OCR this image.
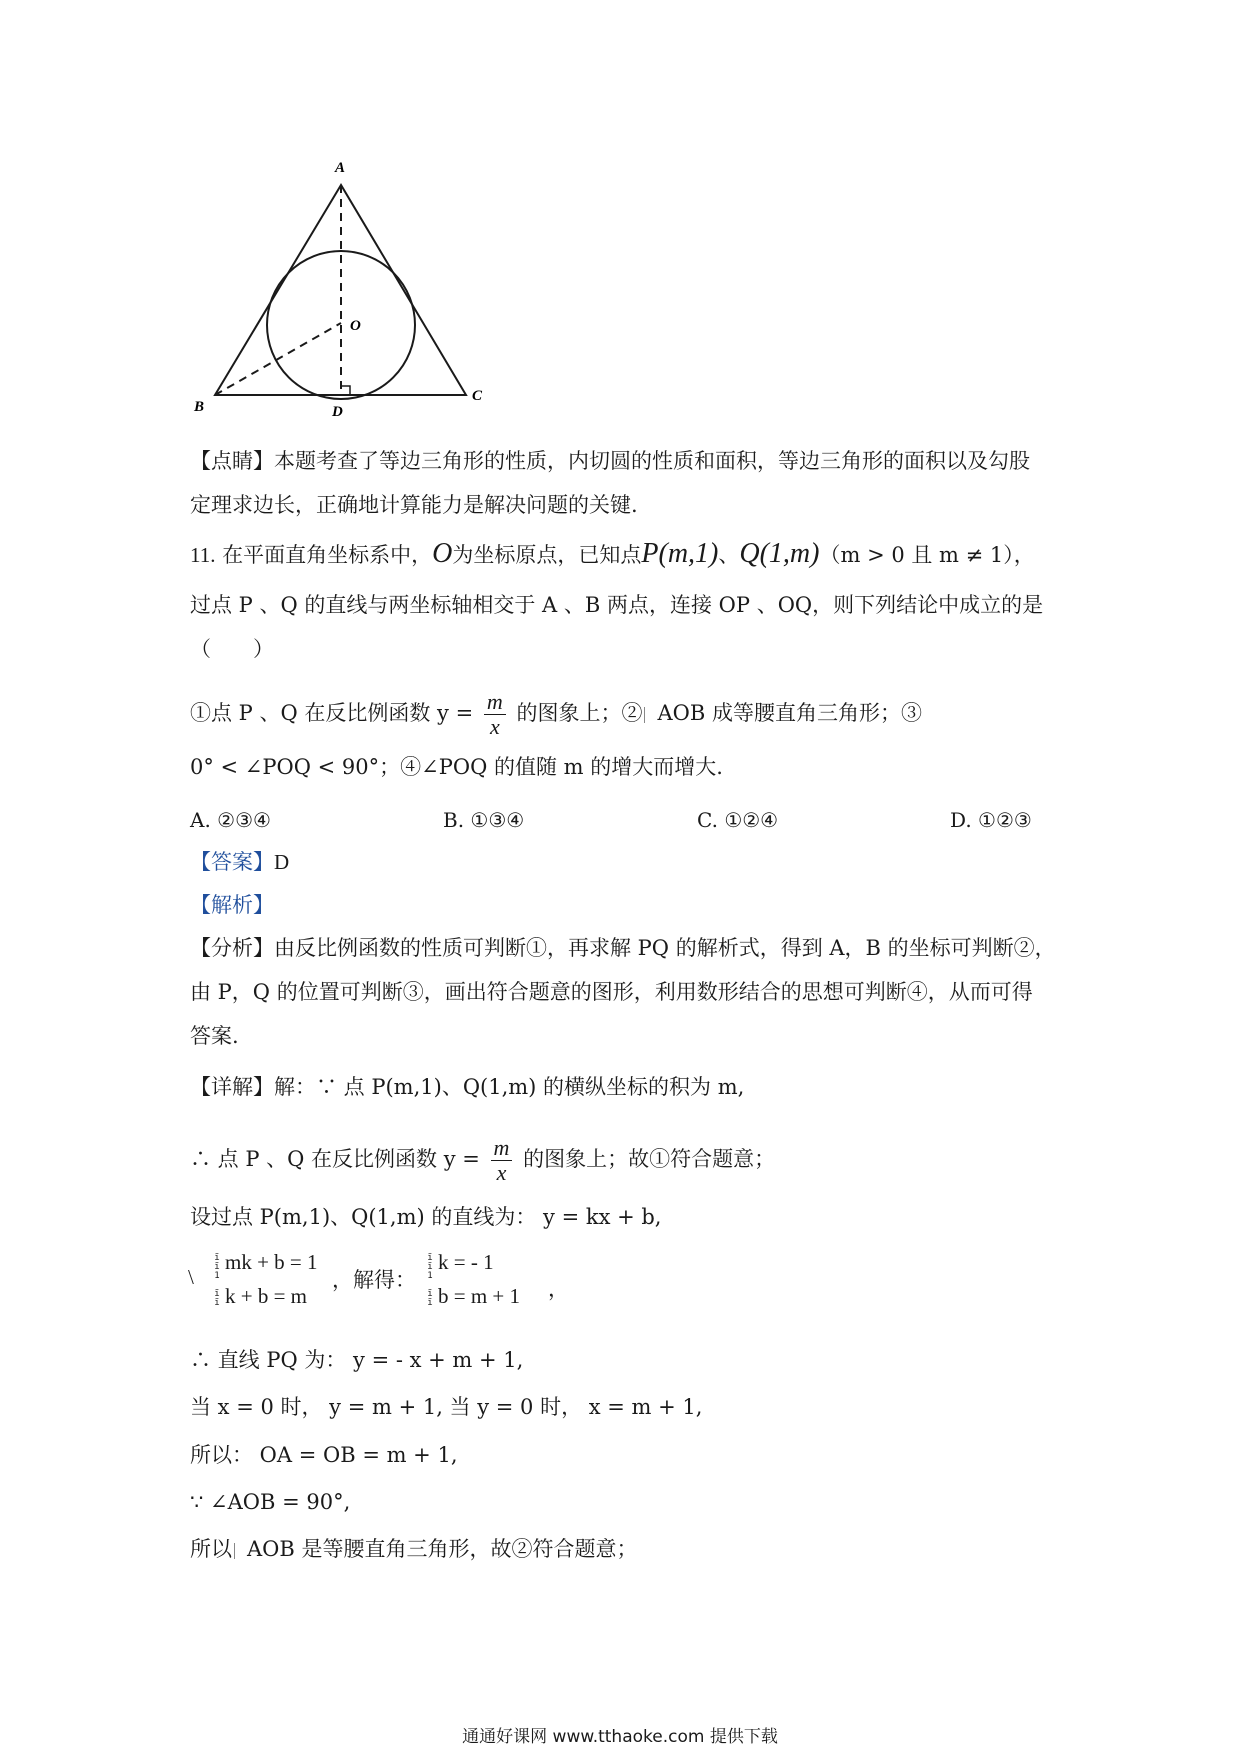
A
O
B	D
C
【点睛】本题考查了等边三角形的性质，内切圆的性质和面积，等边三角形的面积以及勾股
定理求边长，正确地计算能力是解决问题的关键.
11. 在平面直角坐标系中，O为坐标原点，已知点P(m,1)、Q(1,m)（m > 0 且 m ≠ 1），
过点 P 、Q 的直线与两坐标轴相交于 A 、B 两点，连接 OP 、OQ，则下列结论中成立的是
（　　）
①点 P 、Q 在反比例函数 $y = \frac{m}{x}$ 的图象上；② AOB 成等腰直角三角形；③
0° < ∠POQ < 90°；④∠POQ 的值随 m 的增大而增大.
A. ②③④	B. ①③④	C. ①②④	D. ①②③
【答案】D
【解析】
【分析】由反比例函数的性质可判断①，再求解 PQ 的解析式，得到 A，B 的坐标可判断②，
由 P，Q 的位置可判断③，画出符合题意的图形，利用数形结合的思想可判断④，从而可得
答案.
【详解】解：∵ 点 P(m,1)、Q(1,m) 的横纵坐标的积为 m,
∴ 点 P 、Q 在反比例函数 $y = \frac{m}{x}$ 的图象上；故①符合题意；
设过点 P(m,1)、Q(1,m) 的直线为： y = kx + b,
\
ĩ
ĩ
1

ĩ
ĩ
mk + b = 1
k + b = m
，解得：
ĩ
ĩ
1

ĩ
ĩ
k = - 1
b = m + 1 ，
∴ 直线 PQ 为： y = - x + m + 1,
当 x = 0 时， y = m + 1, 当 y = 0 时， x = m + 1,
所以： OA = OB = m + 1,
∵ ∠AOB = 90°,
所以 AOB 是等腰直角三角形，故②符合题意；
通通好课网 www.tthaoke.com 提供下载
